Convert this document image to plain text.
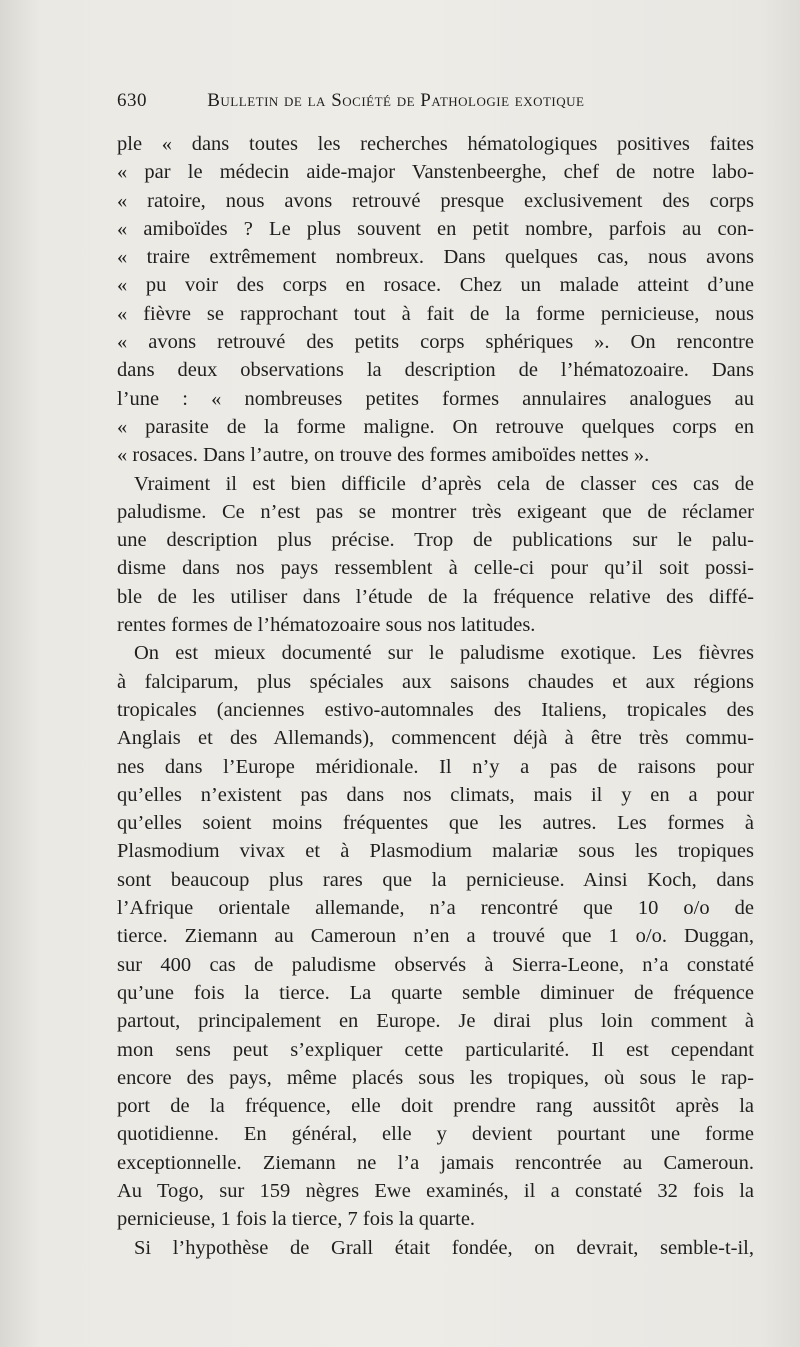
630	Bulletin de la Société de Pathologie exotique
ple « dans toutes les recherches hématologiques positives faites
« par le médecin aide-major Vanstenbeerghe, chef de notre labo-
« ratoire, nous avons retrouvé presque exclusivement des corps
« amiboïdes ? Le plus souvent en petit nombre, parfois au con-
« traire extrêmement nombreux. Dans quelques cas, nous avons
« pu voir des corps en rosace. Chez un malade atteint d’une
« fièvre se rapprochant tout à fait de la forme pernicieuse, nous
« avons retrouvé des petits corps sphériques ». On rencontre
dans deux observations la description de l’hématozoaire. Dans
l’une : « nombreuses petites formes annulaires analogues au
« parasite de la forme maligne. On retrouve quelques corps en
« rosaces. Dans l’autre, on trouve des formes amiboïdes nettes ».
Vraiment il est bien difficile d’après cela de classer ces cas de
paludisme. Ce n’est pas se montrer très exigeant que de réclamer
une description plus précise. Trop de publications sur le palu-
disme dans nos pays ressemblent à celle-ci pour qu’il soit possi-
ble de les utiliser dans l’étude de la fréquence relative des diffé-
rentes formes de l’hématozoaire sous nos latitudes.
On est mieux documenté sur le paludisme exotique. Les fièvres
à falciparum, plus spéciales aux saisons chaudes et aux régions
tropicales (anciennes estivo-automnales des Italiens, tropicales des
Anglais et des Allemands), commencent déjà à être très commu-
nes dans l’Europe méridionale. Il n’y a pas de raisons pour
qu’elles n’existent pas dans nos climats, mais il y en a pour
qu’elles soient moins fréquentes que les autres. Les formes à
Plasmodium vivax et à Plasmodium malariæ sous les tropiques
sont beaucoup plus rares que la pernicieuse. Ainsi Koch, dans
l’Afrique orientale allemande, n’a rencontré que 10 o/o de
tierce. Ziemann au Cameroun n’en a trouvé que 1 o/o. Duggan,
sur 400 cas de paludisme observés à Sierra-Leone, n’a constaté
qu’une fois la tierce. La quarte semble diminuer de fréquence
partout, principalement en Europe. Je dirai plus loin comment à
mon sens peut s’expliquer cette particularité. Il est cependant
encore des pays, même placés sous les tropiques, où sous le rap-
port de la fréquence, elle doit prendre rang aussitôt après la
quotidienne. En général, elle y devient pourtant une forme
exceptionnelle. Ziemann ne l’a jamais rencontrée au Cameroun.
Au Togo, sur 159 nègres Ewe examinés, il a constaté 32 fois la
pernicieuse, 1 fois la tierce, 7 fois la quarte.
Si l’hypothèse de Grall était fondée, on devrait, semble-t-il,
